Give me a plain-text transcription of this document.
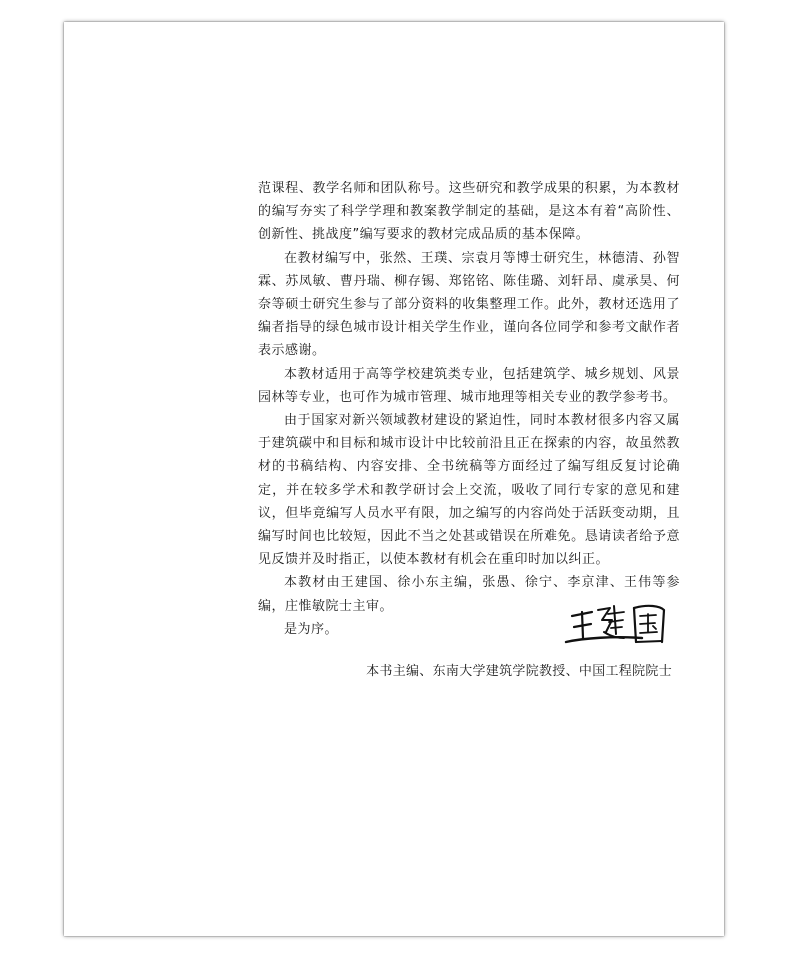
范课程、教学名师和团队称号。这些研究和教学成果的积累，为本教材的编写夯实了科学学理和教案教学制定的基础，是这本有着“高阶性、创新性、挑战度”编写要求的教材完成品质的基本保障。

在教材编写中，张然、王璞、宗袁月等博士研究生，林德清、孙智霖、苏凤敏、曹丹瑞、柳存锡、郑铭铭、陈佳璐、刘轩昂、虞承昊、何奈等硕士研究生参与了部分资料的收集整理工作。此外，教材还选用了编者指导的绿色城市设计相关学生作业，谨向各位同学和参考文献作者表示感谢。

本教材适用于高等学校建筑类专业，包括建筑学、城乡规划、风景园林等专业，也可作为城市管理、城市地理等相关专业的教学参考书。

由于国家对新兴领域教材建设的紧迫性，同时本教材很多内容又属于建筑碳中和目标和城市设计中比较前沿且正在探索的内容，故虽然教材的书稿结构、内容安排、全书统稿等方面经过了编写组反复讨论确定，并在较多学术和教学研讨会上交流，吸收了同行专家的意见和建议，但毕竟编写人员水平有限，加之编写的内容尚处于活跃变动期，且编写时间也比较短，因此不当之处甚或错误在所难免。恳请读者给予意见反馈并及时指正，以使本教材有机会在重印时加以纠正。

本教材由王建国、徐小东主编，张愚、徐宁、李京津、王伟等参编，庄惟敏院士主审。

是为序。

本书主编、东南大学建筑学院教授、中国工程院院士
